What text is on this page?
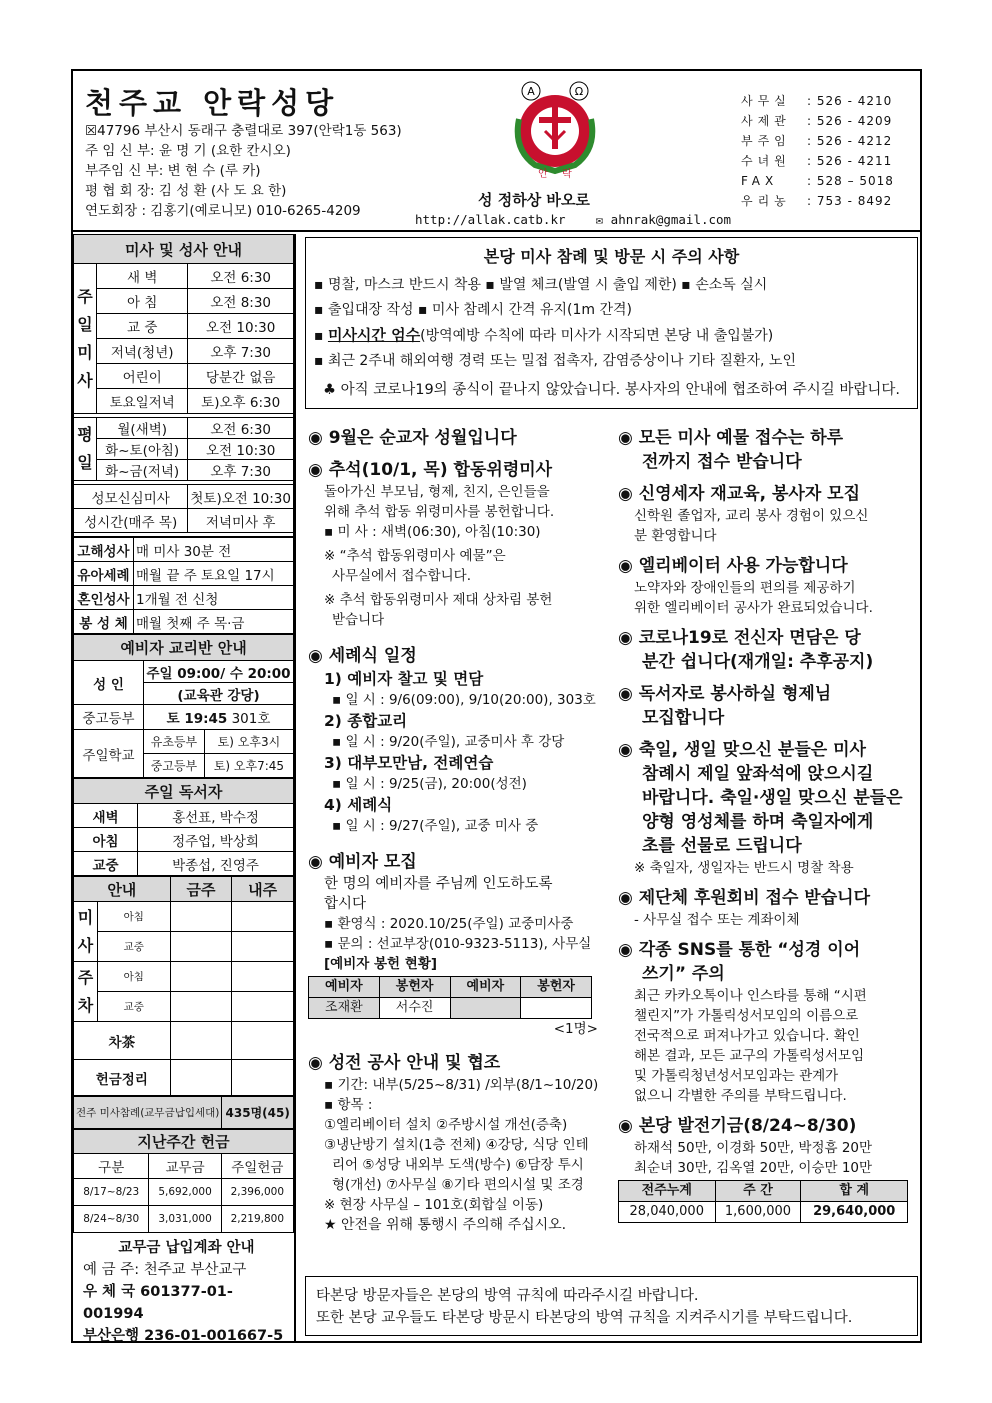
천주교 안락성당
☒47796 부산시 동래구 충렬대로 397(안락1동 563)
주 임 신 부: 윤 명 기 (요한 칸시오)
부주임 신 부: 변 현 수 (루 카)
평 협 회 장: 김 성 환 (사 도 요 한)
연도회장 : 김홍기(예로니모) 010-6265-4209
A	Ω
안 락
성 정하상 바오로
http://allak.catb.kr ✉ ahnrak@gmail.com
사무실 : 526 - 4210
사제관 : 526 - 4209
부주임 : 526 - 4212
수녀원 : 526 - 4211
FAX : 528 – 5018
우리농 : 753 - 8492
미사 및 성사 안내		
주일미사	새 벽	오전 6:30
	아 침	오전 8:30
	교 중	오전 10:30
	저녁(청년)	오후 7:30
	어린이	당분간 없음
	토요일저녁	토)오후 6:30

평일	월(새벽)	오전 6:30
	화~토(아침)	오전 10:30
	화~금(저녁)	오후 7:30

성모신심미사		첫토)오전 10:30
성시간(매주 목)		저녁미사 후

고해성사	매 미사 30분 전
유아세례	매월 끝 주 토요일 17시
혼인성사	1개월 전 신청
봉 성 체	매월 첫째 주 목·금
예비자 교리반 안내		
성 인	주일 09:00/ 수 20:00	
	(교육관 강당)	
중고등부	토 19:45 301호	
주일학교	유초등부	토) 오후3시
	중고등부	토) 오후7:45
주일 독서자	
새벽	홍선표, 박수정
아침	정주업, 박상희
교중	박종섭, 진영주
안내		금주	내주
미사	아침		
	교중		
주차	아침		
	교중		
차茶			
헌금정리			
전주 미사참례(교무금납입세대)	435명(45)
지난주간 헌금		
구분	교무금	주일헌금
8/17~8/23	5,692,000	2,396,000
8/24~8/30	3,031,000	2,219,800
교무금 납입계좌 안내
예 금 주: 천주교 부산교구
우 체 국 601377-01-001994
부산은행 236-01-001667-5
본당 미사 참례 및 방문 시 주의 사항
▪ 명찰, 마스크 반드시 착용 ▪ 발열 체크(발열 시 출입 제한) ▪ 손소독 실시
▪ 출입대장 작성 ▪ 미사 참례시 간격 유지(1m 간격)
▪ 미사시간 엄수(방역예방 수칙에 따라 미사가 시작되면 본당 내 출입불가)
▪ 최근 2주내 해외여행 경력 또는 밀접 접촉자, 감염증상이나 기타 질환자, 노인
♣ 아직 코로나19의 종식이 끝나지 않았습니다. 봉사자의 안내에 협조하여 주시길 바랍니다.
◉ 9월은 순교자 성월입니다
◉ 추석(10/1, 목) 합동위령미사

돌아가신 부모님, 형제, 친지, 은인들을

위해 추석 합동 위령미사를 봉헌합니다.

▪ 미 사 : 새벽(06:30), 아침(10:30)

※ “추석 합동위령미사 예물”은

사무실에서 접수합니다.

※ 추석 합동위령미사 제대 상차림 봉헌

받습니다

◉ 세례식 일정
1) 예비자 찰고 및 면담

▪ 일 시 : 9/6(09:00), 9/10(20:00), 303호

2) 종합교리

▪ 일 시 : 9/20(주일), 교중미사 후 강당

3) 대부모만남, 전례연습

▪ 일 시 : 9/25(금), 20:00(성전)

4) 세례식

▪ 일 시 : 9/27(주일), 교중 미사 중

◉ 예비자 모집

한 명의 예비자를 주님께 인도하도록

합시다

▪ 환영식 : 2020.10/25(주일) 교중미사중

▪ 문의 : 선교부장(010-9323-5113), 사무실

[예비자 봉헌 현황]

예비자	봉헌자	예비자	봉헌자
조재환	서수진		

<1명>

◉ 성전 공사 안내 및 협조

▪ 기간: 내부(5/25~8/31) /외부(8/1~10/20)

▪ 항목 :

①엘리베이터 설치 ②주방시설 개선(증축)

③냉난방기 설치(1층 전체) ④강당, 식당 인테

리어 ⑤성당 내외부 도색(방수) ⑥담장 투시

형(개선) ⑦사무실 ⑧기타 편의시설 및 조경

※ 현장 사무실 – 101호(회합실 이동)

★ 안전을 위해 통행시 주의해 주십시오.

◉ 모든 미사 예물 접수는 하루
전까지 접수 받습니다
◉ 신영세자 재교육, 봉사자 모집

신학원 졸업자, 교리 봉사 경험이 있으신

분 환영합니다

◉ 엘리베이터 사용 가능합니다

노약자와 장애인들의 편의를 제공하기

위한 엘리베이터 공사가 완료되었습니다.

◉ 코로나19로 전신자 면담은 당
분간 쉽니다(재개일: 추후공지)
◉ 독서자로 봉사하실 형제님
모집합니다
◉ 축일, 생일 맞으신 분들은 미사
참례시 제일 앞좌석에 앉으시길
바랍니다. 축일·생일 맞으신 분들은
양형 영성체를 하며 축일자에게
초를 선물로 드립니다

※ 축일자, 생일자는 반드시 명찰 착용

◉ 제단체 후원회비 접수 받습니다

- 사무실 접수 또는 계좌이체

◉ 각종 SNS를 통한 “성경 이어
쓰기” 주의

최근 카카오톡이나 인스타를 통해 “시편

챌린지”가 가톨릭성서모임의 이름으로

전국적으로 퍼져나가고 있습니다. 확인

해본 결과, 모든 교구의 가톨릭성서모임

및 가톨릭청년성서모임과는 관계가

없으니 각별한 주의를 부탁드립니다.

◉ 본당 발전기금(8/24~8/30)

하재석 50만, 이경화 50만, 박정흠 20만

최순녀 30만, 김옥열 20만, 이승만 10만

전주누계	주 간	합 계
28,040,000	1,600,000	29,640,000
타본당 방문자들은 본당의 방역 규칙에 따라주시길 바랍니다.
또한 본당 교우들도 타본당 방문시 타본당의 방역 규칙을 지켜주시기를 부탁드립니다.
